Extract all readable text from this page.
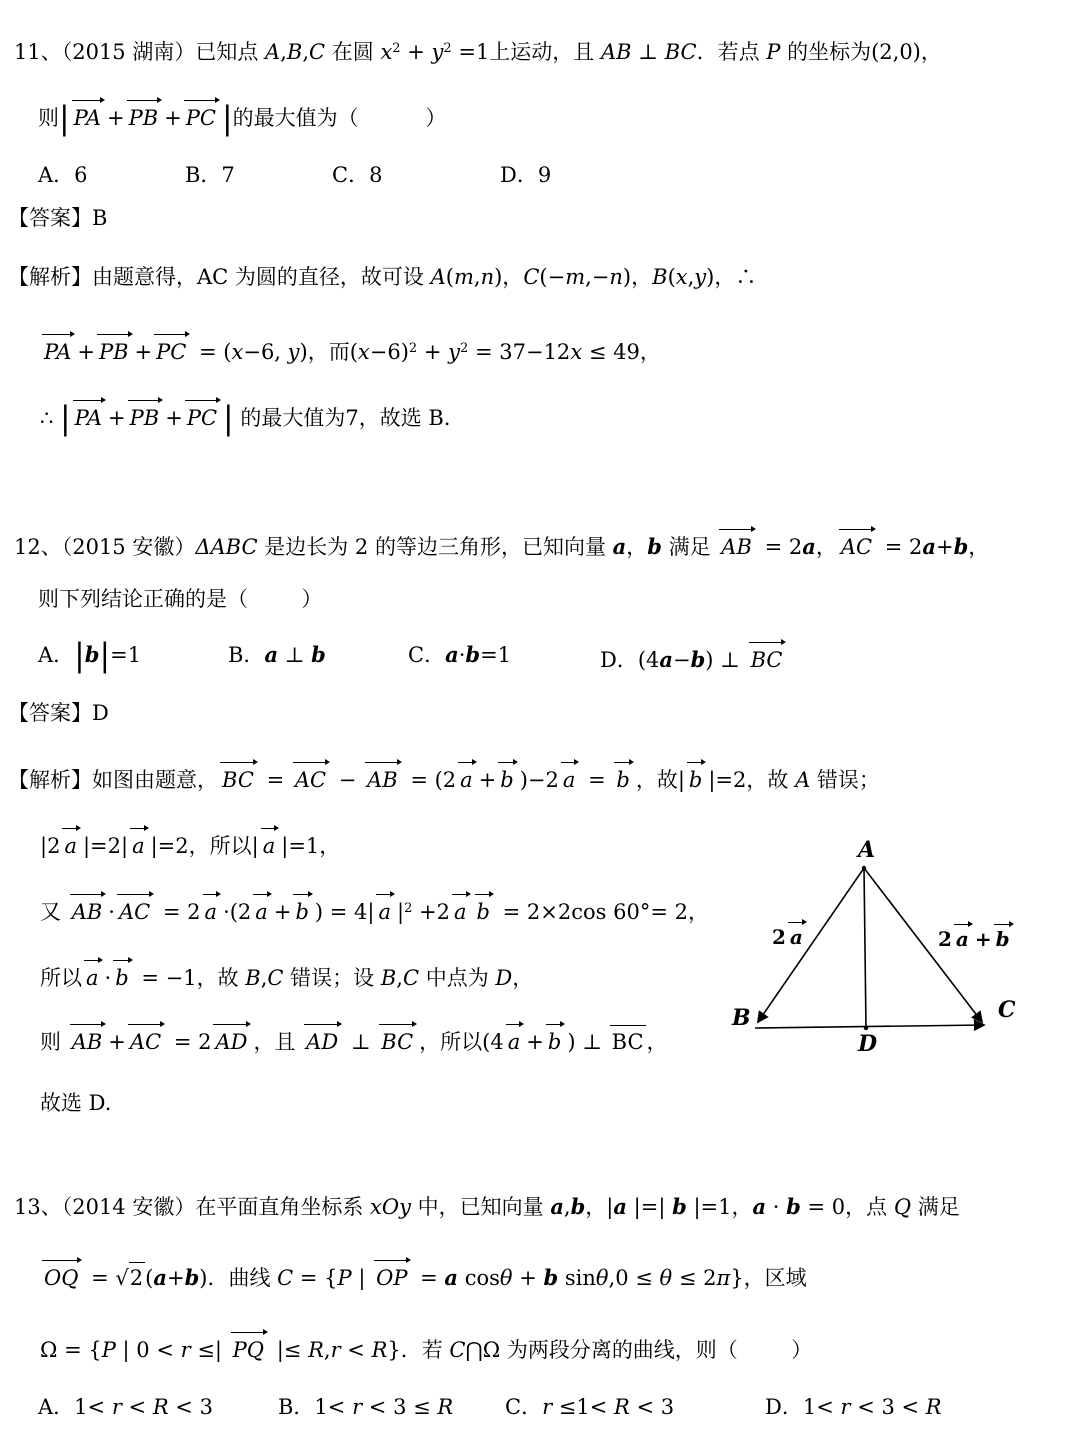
11、（2015 湖南）已知点 A,B,C 在圆 $x^2 + y^2 =1$上运动，且 AB ⊥ BC．若点 P 的坐标为(2,0)，
则| PA + PB + PC |的最大值为（          ）
A．6	B．7	C．8	D．9
【答案】B
【解析】由题意得，AC 为圆的直径，故可设 A(m,n)，C(−m,−n)，B(x,y)，∴
PA + PB + PC = (x−6, y)，而$(x-6)^2 + y^2 = 37-12x \le 49$，
∴ | PA + PB + PC | 的最大值为7，故选 B.
12、（2015 安徽）ΔABC 是边长为 2 的等边三角形，已知向量 a，b 满足 AB = 2a， AC = 2a+b，
则下列结论正确的是（        ）
A．|b|=1	B．a ⊥ b	C．a·b=1	D．(4a−b) ⊥ BC
【答案】D
【解析】如图由题意， BC = AC − AB = (2 a + b )−2 a = b ，故| b |=2，故 A 错误；
|2 a |=2| a |=2，所以| a |=1，
又 AB · AC = 2 a ·(2 a + b ) = 4| a $|^2 +2$ a b = 2×2cos 60°= 2，
所以 a · b = −1，故 B,C 错误；设 B,C 中点为 D，
则 AB + AC = 2 AD ，且 AD ⊥ BC ，所以(4 a + b ) ⊥ BC ，
故选 D.
A
B	C
D
2 a	2 a + b
13、（2014 安徽）在平面直角坐标系 xOy 中，已知向量 a,b，|a |=| b |=1，a · b = 0，点 Q 满足
OQ = √2(a+b)．曲线 C = {P | OP = a cosθ + b sinθ,0 ≤ θ ≤ 2π}，区域
Ω = {P | 0 < r ≤| PQ |≤ R,r < R}．若 C⋂Ω 为两段分离的曲线，则（        ）
A．1< r < R < 3	B．1< r < 3 ≤ R C．r ≤1< R < 3	D．1< r < 3 < R
